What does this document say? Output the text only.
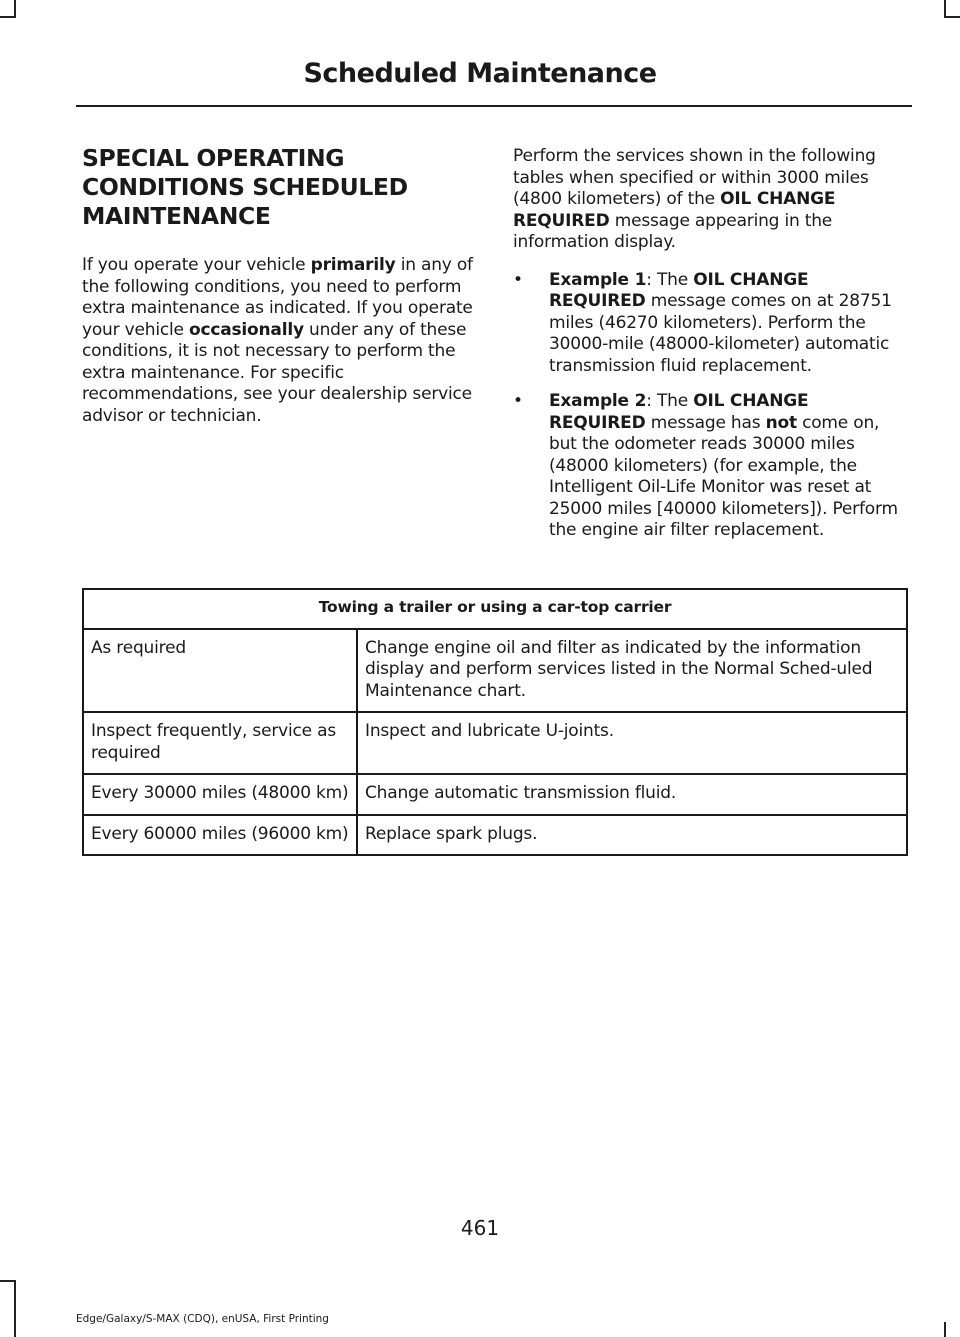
Scheduled Maintenance
SPECIAL OPERATING
CONDITIONS SCHEDULED
MAINTENANCE

If you operate your vehicle primarily in any of the following conditions, you need to perform extra maintenance as indicated. If you operate your vehicle occasionally under any of these conditions, it is not necessary to perform the extra maintenance. For specific recommendations, see your dealership service advisor or technician.

Perform the services shown in the following tables when specified or within 3000 miles (4800 kilometers) of the OIL CHANGE REQUIRED message appearing in the information display.

• Example 1: The OIL CHANGE REQUIRED message comes on at 28751 miles (46270 kilometers). Perform the 30000-mile (48000-kilometer) automatic transmission fluid replacement.
• Example 2: The OIL CHANGE REQUIRED message has not come on, but the odometer reads 30000 miles (48000 kilometers) (for example, the Intelligent Oil-Life Monitor was reset at 25000 miles [40000 kilometers]). Perform the engine air filter replacement.
Towing a trailer or using a car-top carrier	
As required	Change engine oil and filter as indicated by the information display and perform services listed in the Normal Sched-uled Maintenance chart.
Inspect frequently, service as required	Inspect and lubricate U-joints.
Every 30000 miles (48000 km)	Change automatic transmission fluid.
Every 60000 miles (96000 km)	Replace spark plugs.
461
Edge/Galaxy/S-MAX (CDQ), enUSA, First Printing
